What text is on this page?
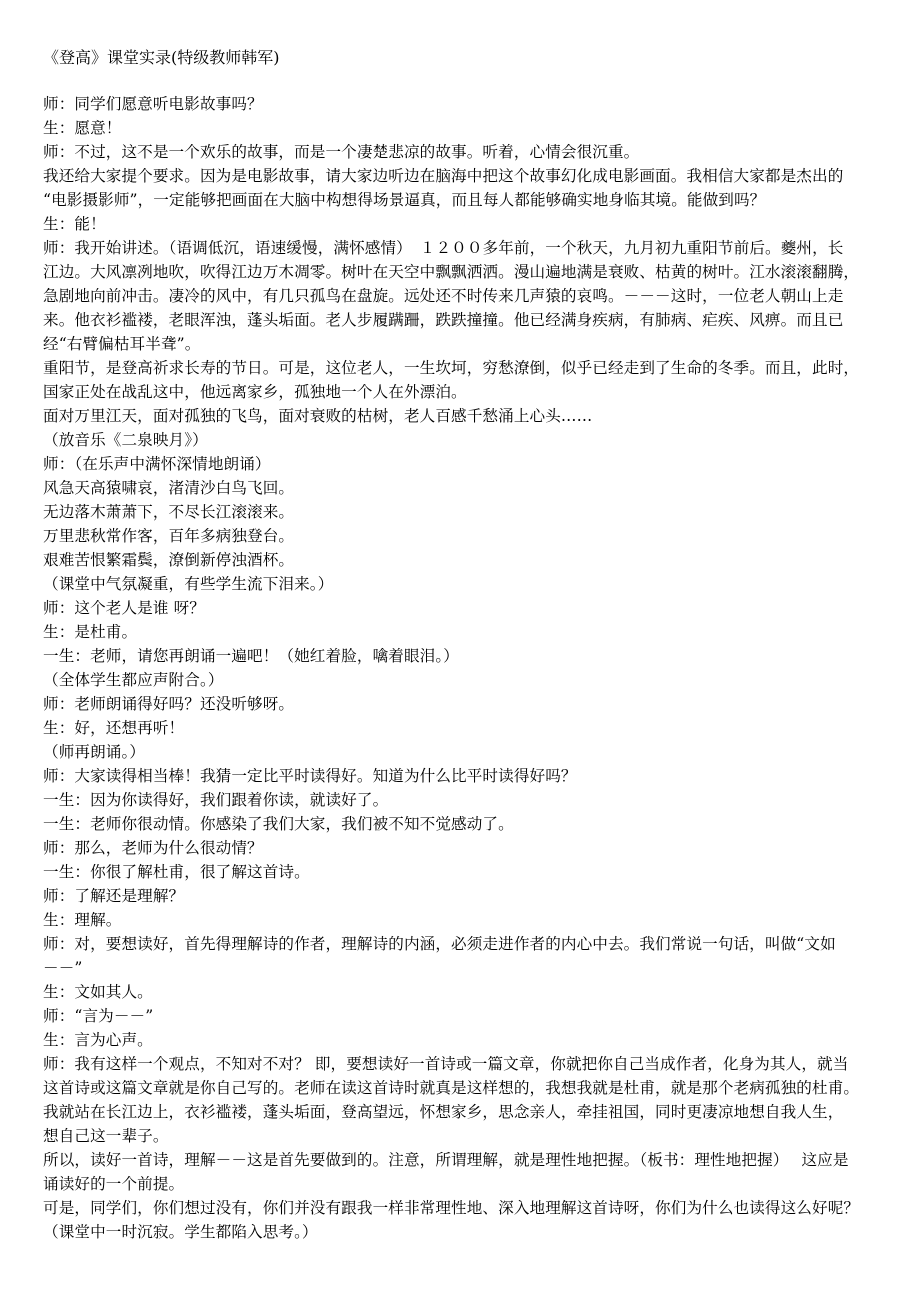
《登高》课堂实录(特级教师韩军)
师：同学们愿意听电影故事吗？
生：愿意！
师：不过，这不是一个欢乐的故事，而是一个凄楚悲凉的故事。听着，心情会很沉重。
我还给大家提个要求。因为是电影故事，请大家边听边在脑海中把这个故事幻化成电影画面。我相信大家都是杰出的
“电影摄影师”，一定能够把画面在大脑中构想得场景逼真，而且每人都能够确实地身临其境。能做到吗？
生：能！
师：我开始讲述。（语调低沉，语速缓慢，满怀感情）　１２００多年前，一个秋天，九月初九重阳节前后。夔州，长
江边。大风凛冽地吹，吹得江边万木凋零。树叶在天空中飘飘洒洒。漫山遍地满是衰败、枯黄的树叶。江水滚滚翻腾，
急剧地向前冲击。凄冷的风中，有几只孤鸟在盘旋。远处还不时传来几声猿的哀鸣。－－－这时，一位老人朝山上走
来。他衣衫褴褛，老眼浑浊，蓬头垢面。老人步履蹒跚，跌跌撞撞。他已经满身疾病，有肺病、疟疾、风痹。而且已
经“右臂偏枯耳半聋”。
重阳节，是登高祈求长寿的节日。可是，这位老人，一生坎坷，穷愁潦倒，似乎已经走到了生命的冬季。而且，此时，
国家正处在战乱这中，他远离家乡，孤独地一个人在外漂泊。
面对万里江天，面对孤独的飞鸟，面对衰败的枯树，老人百感千愁涌上心头……
（放音乐《二泉映月》）
师：（在乐声中满怀深情地朗诵）
风急天高猿啸哀，渚清沙白鸟飞回。
无边落木萧萧下，不尽长江滚滚来。
万里悲秋常作客，百年多病独登台。
艰难苦恨繁霜鬓，潦倒新停浊酒杯。
（课堂中气氛凝重，有些学生流下泪来。）
师：这个老人是谁 呀？
生：是杜甫。
一生：老师，请您再朗诵一遍吧！（她红着脸，噙着眼泪。）
（全体学生都应声附合。）
师：老师朗诵得好吗？还没听够呀。
生：好，还想再听！
（师再朗诵。）
师：大家读得相当棒！我猜一定比平时读得好。知道为什么比平时读得好吗？
一生：因为你读得好，我们跟着你读，就读好了。
一生：老师你很动情。你感染了我们大家，我们被不知不觉感动了。
师：那么，老师为什么很动情？
一生：你很了解杜甫，很了解这首诗。
师：了解还是理解？
生：理解。
师：对，要想读好，首先得理解诗的作者，理解诗的内涵，必须走进作者的内心中去。我们常说一句话，叫做“文如
－－”
生：文如其人。
师：“言为－－”
生：言为心声。
师：我有这样一个观点，不知对不对？ 即，要想读好一首诗或一篇文章，你就把你自己当成作者，化身为其人，就当
这首诗或这篇文章就是你自己写的。老师在读这首诗时就真是这样想的，我想我就是杜甫，就是那个老病孤独的杜甫。
我就站在长江边上，衣衫褴褛，蓬头垢面，登高望远，怀想家乡，思念亲人，牵挂祖国，同时更凄凉地想自我人生，
想自己这一辈子。
所以，读好一首诗，理解－－这是首先要做到的。注意，所谓理解，就是理性地把握。（板书：理性地把握）　 这应是
诵读好的一个前提。
可是，同学们，你们想过没有，你们并没有跟我一样非常理性地、深入地理解这首诗呀，你们为什么也读得这么好呢？
（课堂中一时沉寂。学生都陷入思考。）
